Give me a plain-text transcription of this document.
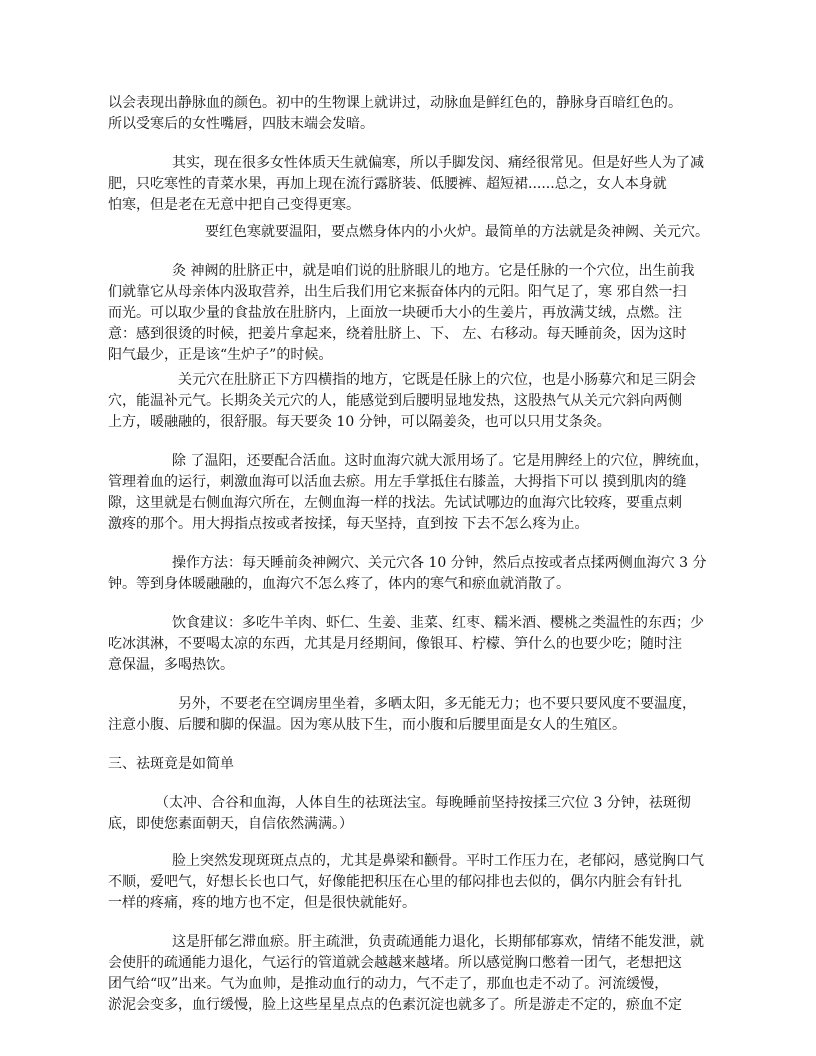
以会表现出静脉血的颜色。初中的生物课上就讲过，动脉血是鲜红色的，静脉身百暗红色的。
所以受寒后的女性嘴唇，四肢末端会发暗。
其实，现在很多女性体质天生就偏寒，所以手脚发闵、痛经很常见。但是好些人为了减
肥，只吃寒性的青菜水果，再加上现在流行露脐装、低腰裤、超短裙......总之，女人本身就
怕寒，但是老在无意中把自己变得更寒。
要红色寒就要温阳，要点燃身体内的小火炉。最简单的方法就是灸神阙、关元穴。
灸 神阙的肚脐正中，就是咱们说的肚脐眼儿的地方。它是任脉的一个穴位，出生前我
们就靠它从母亲体内汲取营养，出生后我们用它来振奋体内的元阳。阳气足了，寒 邪自然一扫
而光。可以取少量的食盐放在肚脐内，上面放一块硬币大小的生姜片，再放满艾绒，点燃。注
意：感到很烫的时候，把姜片拿起来，绕着肚脐上、下、 左、右移动。每天睡前灸，因为这时
阳气最少，正是该“生炉子”的时候。
关元穴在肚脐正下方四横指的地方，它既是任脉上的穴位，也是小肠募穴和足三阴会
穴，能温补元气。长期灸关元穴的人，能感觉到后腰明显地发热，这股热气从关元穴斜向两侧
上方，暖融融的，很舒服。每天要灸 10 分钟，可以隔姜灸，也可以只用艾条灸。
除 了温阳，还要配合活血。这时血海穴就大派用场了。它是用脾经上的穴位，脾统血，
管理着血的运行，刺激血海可以活血去瘀。用左手掌抵住右膝盖，大拇指下可以 摸到肌肉的缝
隙，这里就是右侧血海穴所在，左侧血海一样的找法。先试试哪边的血海穴比较疼，要重点刺
激疼的那个。用大拇指点按或者按揉，每天坚持，直到按 下去不怎么疼为止。
操作方法：每天睡前灸神阙穴、关元穴各 10 分钟，然后点按或者点揉两侧血海穴 3 分
钟。等到身体暖融融的，血海穴不怎么疼了，体内的寒气和瘀血就消散了。
饮食建议：多吃牛羊肉、虾仁、生姜、韭菜、红枣、糯米酒、樱桃之类温性的东西；少
吃冰淇淋，不要喝太凉的东西，尤其是月经期间，像银耳、柠檬、笋什么的也要少吃；随时注
意保温，多喝热饮。
另外，不要老在空调房里坐着，多晒太阳，多无能无力；也不要只要风度不要温度，
注意小腹、后腰和脚的保温。因为寒从肢下生，而小腹和后腰里面是女人的生殖区。
三、祛斑竟是如简单
（太冲、合谷和血海，人体自生的祛斑法宝。每晚睡前坚持按揉三穴位 3 分钟，祛斑彻
底，即使您素面朝天，自信依然满满。）
脸上突然发现斑斑点点的，尤其是鼻梁和颧骨。平时工作压力在，老郁闷，感觉胸口气
不顺，爱吧气，好想长长也口气，好像能把积压在心里的郁闷排也去似的，偶尔内脏会有针扎
一样的疼痛，疼的地方也不定，但是很快就能好。
这是肝郁乞滞血瘀。肝主疏泄，负责疏通能力退化，长期郁郁寡欢，情绪不能发泄，就
会使肝的疏通能力退化，气运行的管道就会越越来越堵。所以感觉胸口憋着一团气，老想把这
团气给“叹”出来。气为血帅，是推动血行的动力，气不走了，那血也走不动了。河流缓慢，
淤泥会变多，血行缓慢，脸上这些星星点点的色素沉淀也就多了。所是游走不定的，瘀血不定
